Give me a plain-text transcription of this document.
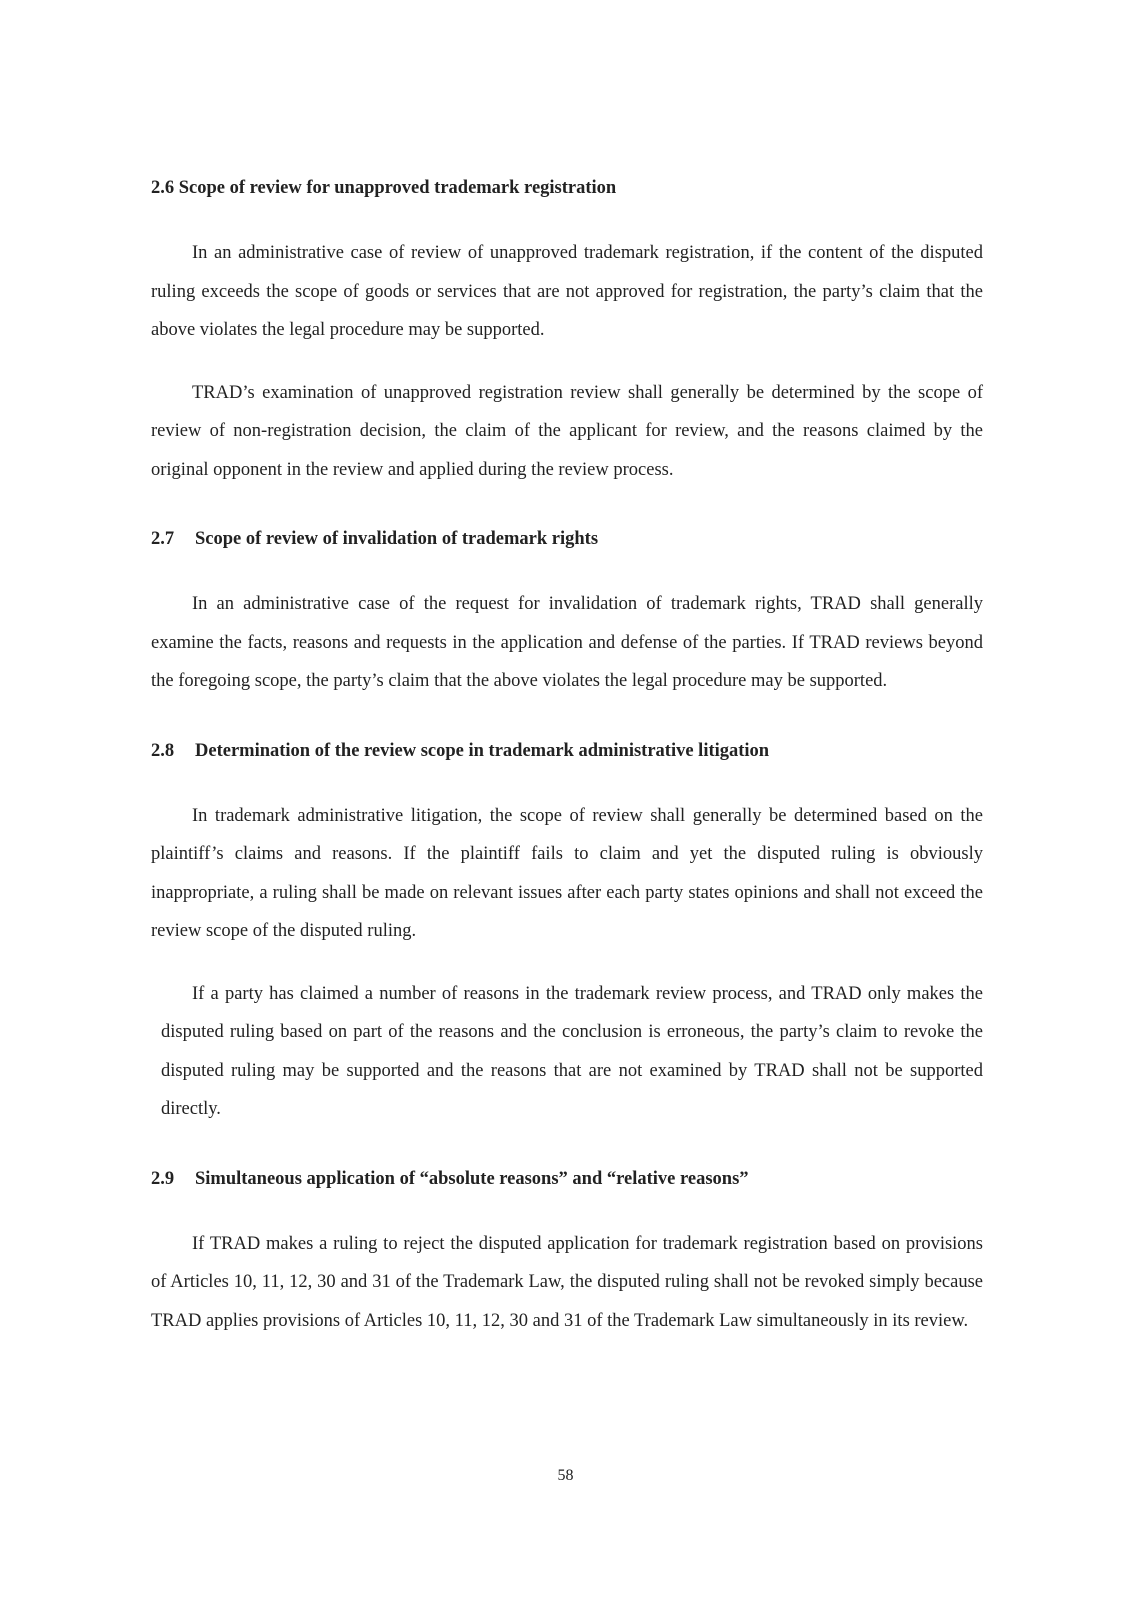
2.6 Scope of review for unapproved trademark registration

In an administrative case of review of unapproved trademark registration, if the content of the disputed ruling exceeds the scope of goods or services that are not approved for registration, the party’s claim that the above violates the legal procedure may be supported.

TRAD’s examination of unapproved registration review shall generally be determined by the scope of review of non-registration decision, the claim of the applicant for review, and the reasons claimed by the original opponent in the review and applied during the review process.

2.7 Scope of review of invalidation of trademark rights

In an administrative case of the request for invalidation of trademark rights, TRAD shall generally examine the facts, reasons and requests in the application and defense of the parties. If TRAD reviews beyond the foregoing scope, the party’s claim that the above violates the legal procedure may be supported.

2.8 Determination of the review scope in trademark administrative litigation

In trademark administrative litigation, the scope of review shall generally be determined based on the plaintiff’s claims and reasons. If the plaintiff fails to claim and yet the disputed ruling is obviously inappropriate, a ruling shall be made on relevant issues after each party states opinions and shall not exceed the review scope of the disputed ruling.

If a party has claimed a number of reasons in the trademark review process, and TRAD only makes the disputed ruling based on part of the reasons and the conclusion is erroneous, the party’s claim to revoke the disputed ruling may be supported and the reasons that are not examined by TRAD shall not be supported directly.

2.9 Simultaneous application of “absolute reasons” and “relative reasons”

If TRAD makes a ruling to reject the disputed application for trademark registration based on provisions of Articles 10, 11, 12, 30 and 31 of the Trademark Law, the disputed ruling shall not be revoked simply because TRAD applies provisions of Articles 10, 11, 12, 30 and 31 of the Trademark Law simultaneously in its review.

58
